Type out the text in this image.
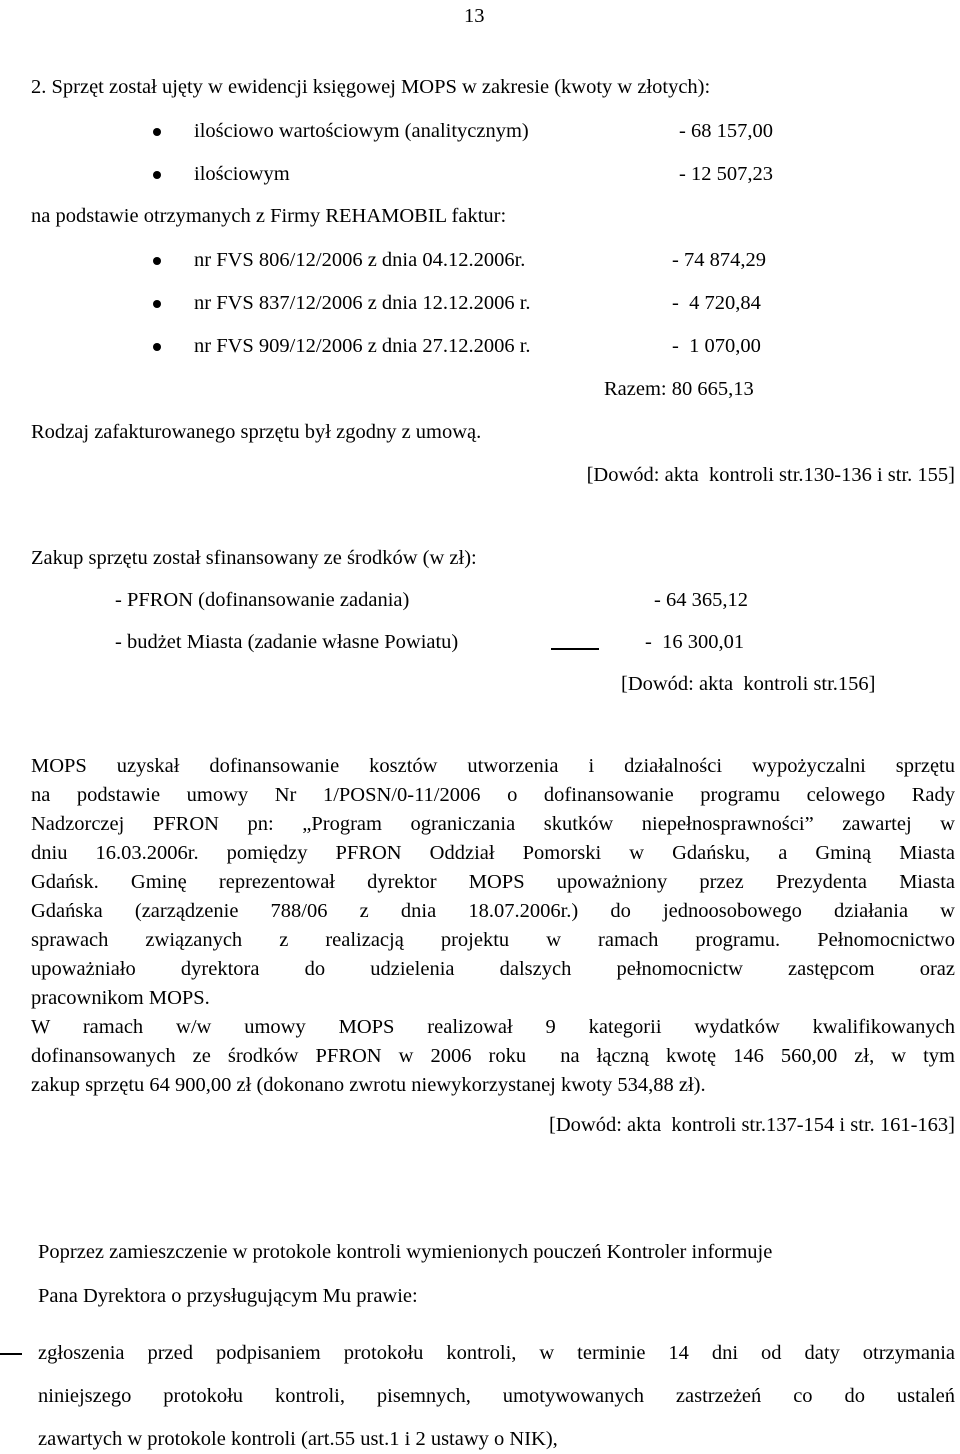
13
2. Sprzęt został ujęty w ewidencji księgowej MOPS w zakresie (kwoty w złotych):
ilościowo wartościowym (analitycznym)	- 68 157,00
ilościowym	- 12 507,23
na podstawie otrzymanych z Firmy REHAMOBIL faktur:
nr FVS 806/12/2006 z dnia 04.12.2006r.	- 74 874,29
nr FVS 837/12/2006 z dnia 12.12.2006 r.	-  4 720,84
nr FVS 909/12/2006 z dnia 27.12.2006 r.	-  1 070,00
Razem: 80 665,13
Rodzaj zafakturowanego sprzętu był zgodny z umową.
[Dowód: akta  kontroli str.130-136 i str. 155]
Zakup sprzętu został sfinansowany ze środków (w zł):
- PFRON (dofinansowanie zadania)	- 64 365,12
- budżet Miasta (zadanie własne Powiatu)	-  16 300,01
[Dowód: akta  kontroli str.156]
MOPS uzyskał dofinansowanie kosztów utworzenia i działalności wypożyczalni sprzętu
na podstawie umowy Nr 1/POSN/0-11/2006 o dofinansowanie programu celowego Rady
Nadzorczej PFRON pn: „Program ograniczania skutków niepełnosprawności” zawartej w
dniu 16.03.2006r. pomiędzy PFRON Oddział Pomorski w Gdańsku, a Gminą Miasta
Gdańsk. Gminę reprezentował dyrektor MOPS upoważniony przez Prezydenta Miasta
Gdańska (zarządzenie 788/06 z dnia 18.07.2006r.) do jednoosobowego działania w
sprawach związanych z realizacją projektu w ramach programu. Pełnomocnictwo
upoważniało dyrektora do udzielenia dalszych pełnomocnictw zastępcom oraz
pracownikom MOPS.
W ramach w/w umowy MOPS realizował 9 kategorii wydatków kwalifikowanych
dofinansowanych ze środków PFRON w 2006 roku  na łączną kwotę 146 560,00 zł, w tym
zakup sprzętu 64 900,00 zł (dokonano zwrotu niewykorzystanej kwoty 534,88 zł).
[Dowód: akta  kontroli str.137-154 i str. 161-163]
Poprzez zamieszczenie w protokole kontroli wymienionych pouczeń Kontroler informuje
Pana Dyrektora o przysługującym Mu prawie:
zgłoszenia przed podpisaniem protokołu kontroli, w terminie 14 dni od daty otrzymania
niniejszego protokołu kontroli, pisemnych, umotywowanych zastrzeżeń co do ustaleń
zawartych w protokole kontroli (art.55 ust.1 i 2 ustawy o NIK),
